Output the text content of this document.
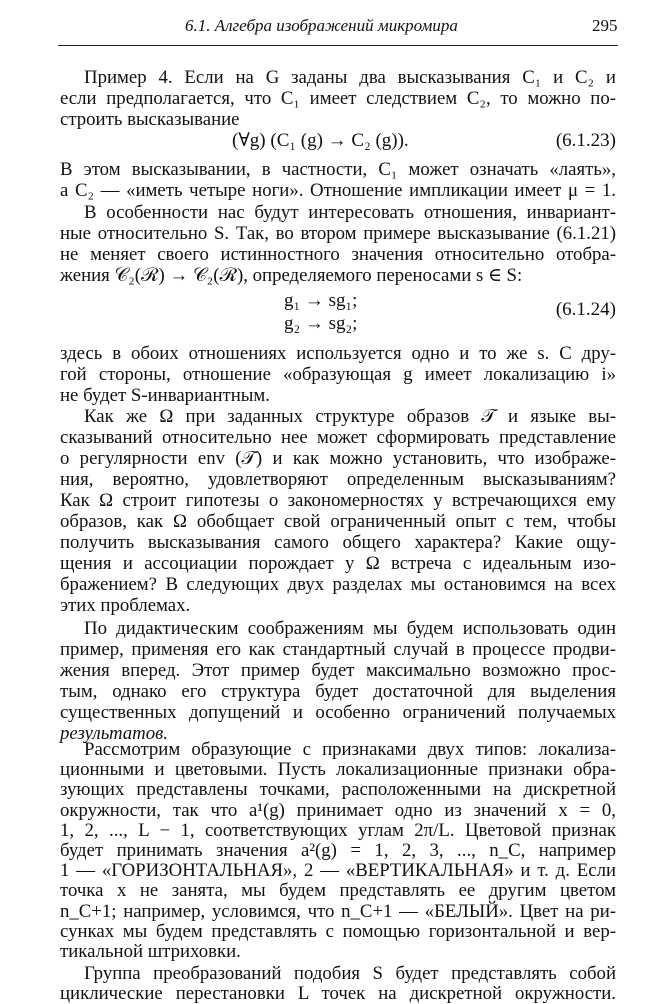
6.1. Алгебра изображений микромира	295
Пример 4. Если на G заданы два высказывания C₁ и C₂ и
если предполагается, что C₁ имеет следствием C₂, то можно по-
строить высказывание
(∀g) (C₁ (g) → C₂ (g)).	(6.1.23)
В этом высказывании, в частности, C₁ может означать «лаять»,
а C₂ — «иметь четыре ноги». Отношение импликации имеет μ = 1.
В особенности нас будут интересовать отношения, инвариант-
ные относительно S. Так, во втором примере высказывание (6.1.21)
не меняет своего истинностного значения относительно отобра-
жения 𝒞₂(ℛ) → 𝒞₂(ℛ), определяемого переносами s ∈ S:
g₁ → sg₁;
g₂ → sg₂;
(6.1.24)
здесь в обоих отношениях используется одно и то же s. С дру-
гой стороны, отношение «образующая g имеет локализацию i»
не будет S-инвариантным.
Как же Ω при заданных структуре образов 𝒯 и языке вы-
сказываний относительно нее может сформировать представление
о регулярности env (𝒯) и как можно установить, что изображе-
ния, вероятно, удовлетворяют определенным высказываниям?
Как Ω строит гипотезы о закономерностях у встречающихся ему
образов, как Ω обобщает свой ограниченный опыт с тем, чтобы
получить высказывания самого общего характера? Какие ощу-
щения и ассоциации порождает у Ω встреча с идеальным изо-
бражением? В следующих двух разделах мы остановимся на всех
этих проблемах.
По дидактическим соображениям мы будем использовать один
пример, применяя его как стандартный случай в процессе продви-
жения вперед. Этот пример будет максимально возможно прос-
тым, однако его структура будет достаточной для выделения
существенных допущений и особенно ограничений получаемых
результатов.
Рассмотрим образующие с признаками двух типов: локализа-
ционными и цветовыми. Пусть локализационные признаки обра-
зующих представлены точками, расположенными на дискретной
окружности, так что a¹(g) принимает одно из значений x = 0,
1, 2, ..., L − 1, соответствующих углам 2π/L. Цветовой признак
будет принимать значения a²(g) = 1, 2, 3, ..., n_C, например
1 — «ГОРИЗОНТАЛЬНАЯ», 2 — «ВЕРТИКАЛЬНАЯ» и т. д. Если
точка x не занята, мы будем представлять ее другим цветом
n_C+1; например, условимся, что n_C+1 — «БЕЛЫЙ». Цвет на ри-
сунках мы будем представлять с помощью горизонтальной и вер-
тикальной штриховки.
Группа преобразований подобия S будет представлять собой
циклические перестановки L точек на дискретной окружности.
